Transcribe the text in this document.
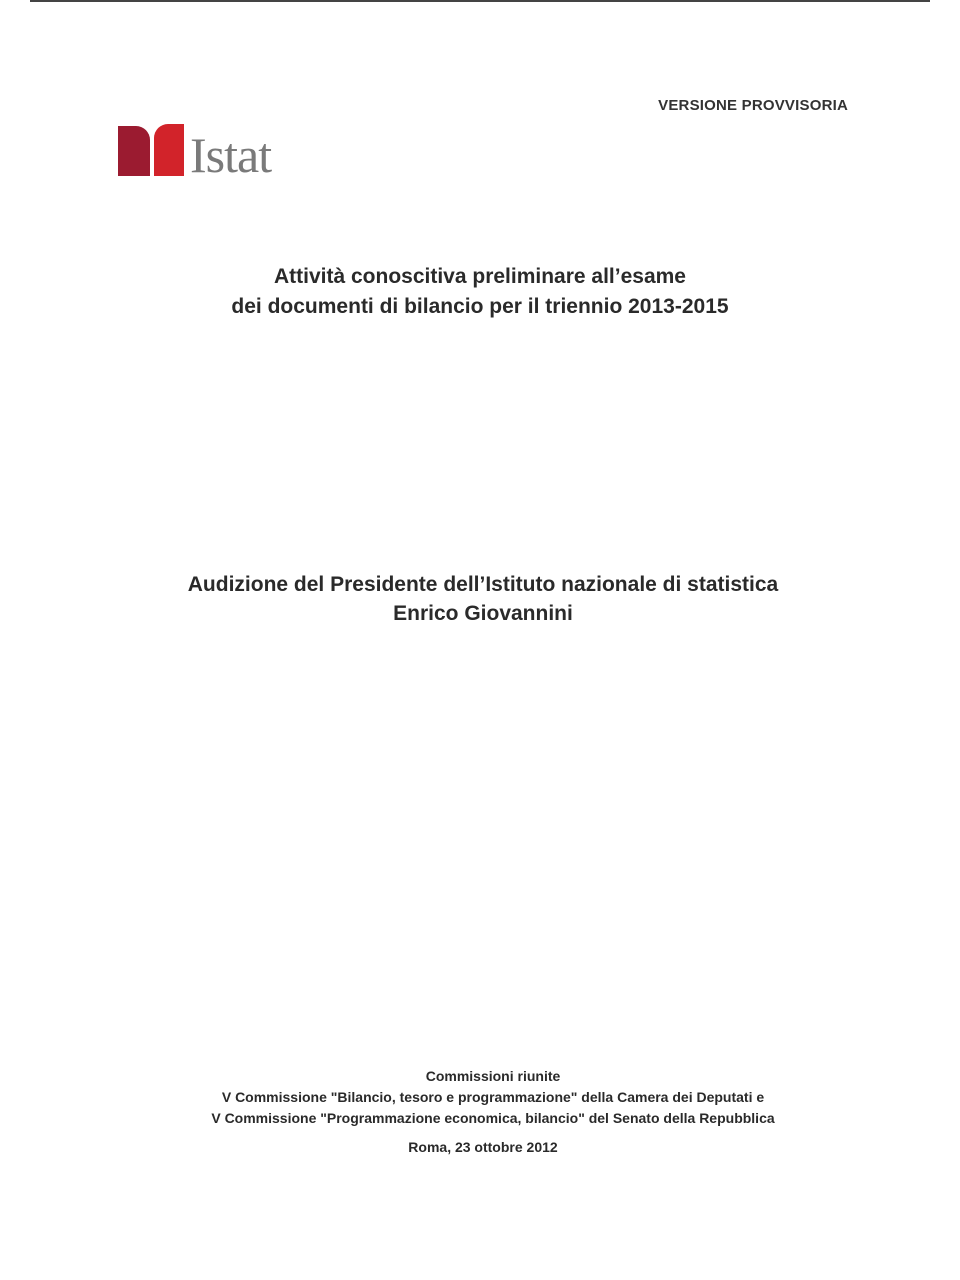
VERSIONE PROVVISORIA
Istat
Attività conoscitiva preliminare all’esame
dei documenti di bilancio per il triennio 2013-2015
Audizione del Presidente dell’Istituto nazionale di statistica
Enrico Giovannini
Commissioni riunite
V Commissione "Bilancio, tesoro e programmazione" della Camera dei Deputati e
V Commissione "Programmazione economica, bilancio" del Senato della Repubblica
Roma, 23 ottobre 2012
